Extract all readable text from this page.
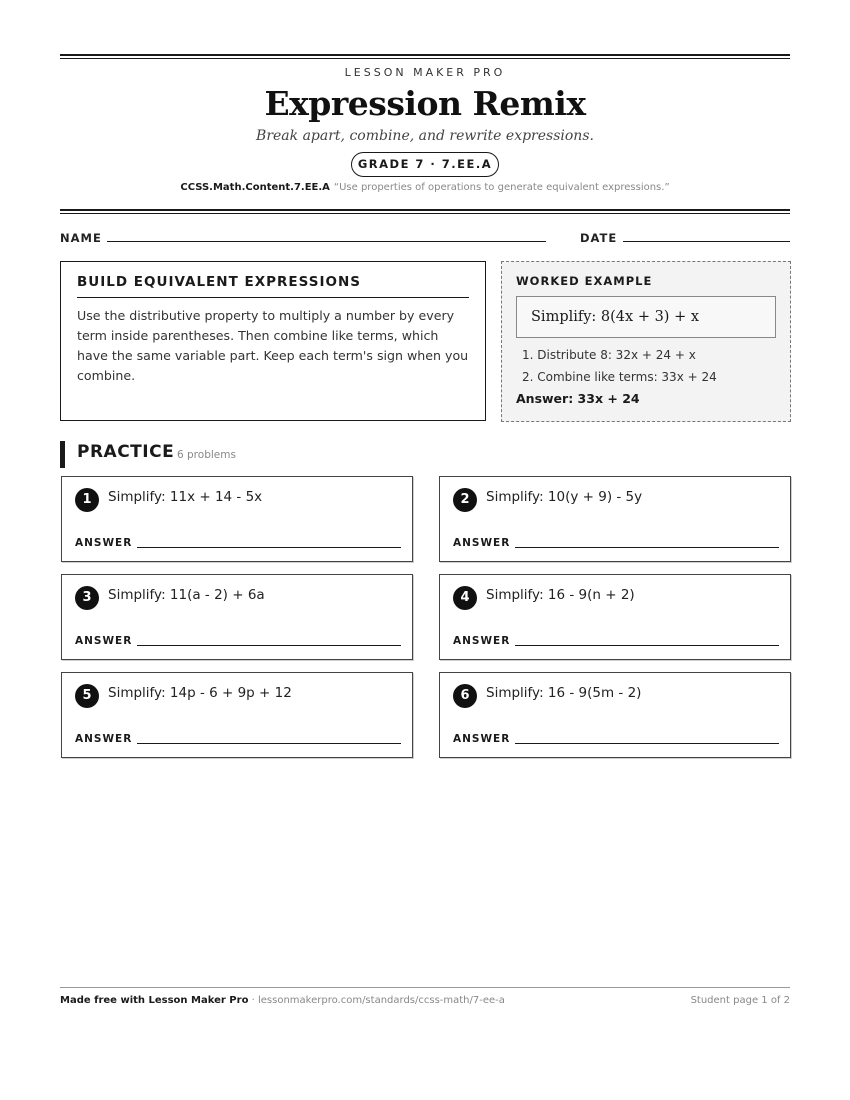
LESSON MAKER PRO
Expression Remix
Break apart, combine, and rewrite expressions.
GRADE 7 · 7.EE.A
CCSS.Math.Content.7.EE.A “Use properties of operations to generate equivalent expressions.”
NAME	DATE
BUILD EQUIVALENT EXPRESSIONS
Use the distributive property to multiply a number by every term inside parentheses. Then combine like terms, which have the same variable part. Keep each term's sign when you combine.
WORKED EXAMPLE
Simplify: 8(4x + 3) + x
1. Distribute 8: 32x + 24 + x
2. Combine like terms: 33x + 24
Answer: 33x + 24
PRACTICE 6 problems
1	Simplify: 11x + 14 - 5x
ANSWER
2	Simplify: 10(y + 9) - 5y
ANSWER
3	Simplify: 11(a - 2) + 6a
ANSWER
4	Simplify: 16 - 9(n + 2)
ANSWER
5	Simplify: 14p - 6 + 9p + 12
ANSWER
6	Simplify: 16 - 9(5m - 2)
ANSWER
Made free with Lesson Maker Pro · lessonmakerpro.com/standards/ccss-math/7-ee-a	Student page 1 of 2
